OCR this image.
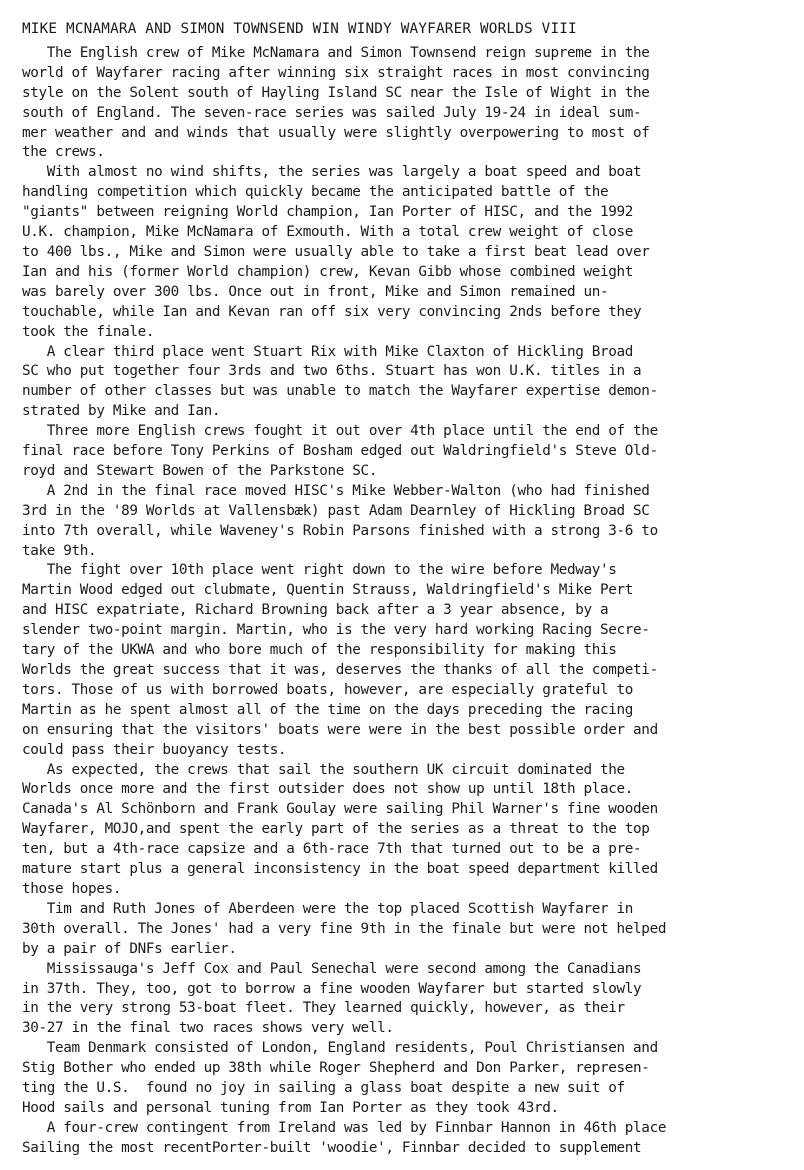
MIKE MCNAMARA AND SIMON TOWNSEND WIN WINDY WAYFARER WORLDS VIII
The English crew of Mike McNamara and Simon Townsend reign supreme in the
world of Wayfarer racing after winning six straight races in most convincing
style on the Solent south of Hayling Island SC near the Isle of Wight in the
south of England. The seven-race series was sailed July 19-24 in ideal sum-
mer weather and and winds that usually were slightly overpowering to most of
the crews.
With almost no wind shifts, the series was largely a boat speed and boat
handling competition which quickly became the anticipated battle of the
"giants" between reigning World champion, Ian Porter of HISC, and the 1992
U.K. champion, Mike McNamara of Exmouth. With a total crew weight of close
to 400 lbs., Mike and Simon were usually able to take a first beat lead over
Ian and his (former World champion) crew, Kevan Gibb whose combined weight
was barely over 300 lbs. Once out in front, Mike and Simon remained un-
touchable, while Ian and Kevan ran off six very convincing 2nds before they
took the finale.
A clear third place went Stuart Rix with Mike Claxton of Hickling Broad
SC who put together four 3rds and two 6ths. Stuart has won U.K. titles in a
number of other classes but was unable to match the Wayfarer expertise demon-
strated by Mike and Ian.
Three more English crews fought it out over 4th place until the end of the
final race before Tony Perkins of Bosham edged out Waldringfield's Steve Old-
royd and Stewart Bowen of the Parkstone SC.
A 2nd in the final race moved HISC's Mike Webber-Walton (who had finished
3rd in the '89 Worlds at Vallensbæk) past Adam Dearnley of Hickling Broad SC
into 7th overall, while Waveney's Robin Parsons finished with a strong 3-6 to
take 9th.
The fight over 10th place went right down to the wire before Medway's
Martin Wood edged out clubmate, Quentin Strauss, Waldringfield's Mike Pert
and HISC expatriate, Richard Browning back after a 3 year absence, by a
slender two-point margin. Martin, who is the very hard working Racing Secre-
tary of the UKWA and who bore much of the responsibility for making this
Worlds the great success that it was, deserves the thanks of all the competi-
tors. Those of us with borrowed boats, however, are especially grateful to
Martin as he spent almost all of the time on the days preceding the racing
on ensuring that the visitors' boats were were in the best possible order and
could pass their buoyancy tests.
As expected, the crews that sail the southern UK circuit dominated the
Worlds once more and the first outsider does not show up until 18th place.
Canada's Al Schönborn and Frank Goulay were sailing Phil Warner's fine wooden
Wayfarer, MOJO,and spent the early part of the series as a threat to the top
ten, but a 4th-race capsize and a 6th-race 7th that turned out to be a pre-
mature start plus a general inconsistency in the boat speed department killed
those hopes.
Tim and Ruth Jones of Aberdeen were the top placed Scottish Wayfarer in
30th overall. The Jones' had a very fine 9th in the finale but were not helped
by a pair of DNFs earlier.
Mississauga's Jeff Cox and Paul Senechal were second among the Canadians
in 37th. They, too, got to borrow a fine wooden Wayfarer but started slowly
in the very strong 53-boat fleet. They learned quickly, however, as their
30-27 in the final two races shows very well.
Team Denmark consisted of London, England residents, Poul Christiansen and
Stig Bother who ended up 38th while Roger Shepherd and Don Parker, represen-
ting the U.S.  found no joy in sailing a glass boat despite a new suit of
Hood sails and personal tuning from Ian Porter as they took 43rd.
A four-crew contingent from Ireland was led by Finnbar Hannon in 46th place
Sailing the most recentPorter-built 'woodie', Finnbar decided to supplement
